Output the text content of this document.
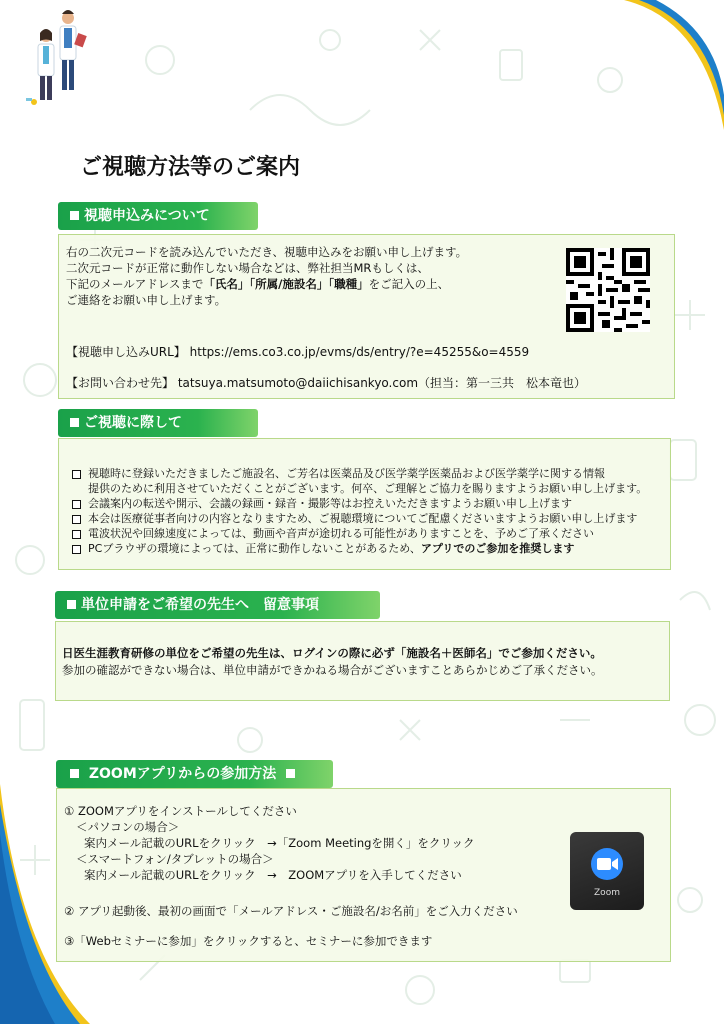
ご視聴方法等のご案内
視聴申込みについて
右の二次元コードを読み込んでいただき、視聴申込みをお願い申し上げます。
二次元コードが正常に動作しない場合などは、弊社担当MRもしくは、
下記のメールアドレスまで「氏名」「所属/施設名」「職種」をご記入の上、
ご連絡をお願い申し上げます。
【視聴申し込みURL】 https://ems.co3.co.jp/evms/ds/entry/?e=45255&o=4559
【お問い合わせ先】 tatsuya.matsumoto@daiichisankyo.com（担当：第一三共　松本竜也）
ご視聴に際して
視聴時に登録いただきましたご施設名、ご芳名は医薬品及び医学薬学医薬品および医学薬学に関する情報
提供のために利用させていただくことがございます。何卒、ご理解とご協力を賜りますようお願い申し上げます。
会議案内の転送や開示、会議の録画・録音・撮影等はお控えいただきますようお願い申し上げます
本会は医療従事者向けの内容となりますため、ご視聴環境についてご配慮くださいますようお願い申し上げます
電波状況や回線速度によっては、動画や音声が途切れる可能性がありますことを、予めご了承ください
PCブラウザの環境によっては、正常に動作しないことがあるため、アプリでのご参加を推奨します
単位申請をご希望の先生へ　留意事項
日医生涯教育研修の単位をご希望の先生は、ログインの際に必ず「施設名＋医師名」でご参加ください。
参加の確認ができない場合は、単位申請ができかねる場合がございますことあらかじめご了承ください。
ZOOMアプリからの参加方法
① ZOOMアプリをインストールしてください
＜パソコンの場合＞
案内メール記載のURLをクリック　→「Zoom Meetingを開く」をクリック
＜スマートフォン/タブレットの場合＞
案内メール記載のURLをクリック　→　ZOOMアプリを入手してください
② アプリ起動後、最初の画面で「メールアドレス・ご施設名/お名前」をご入力ください
③「Webセミナーに参加」をクリックすると、セミナーに参加できます
Zoom
